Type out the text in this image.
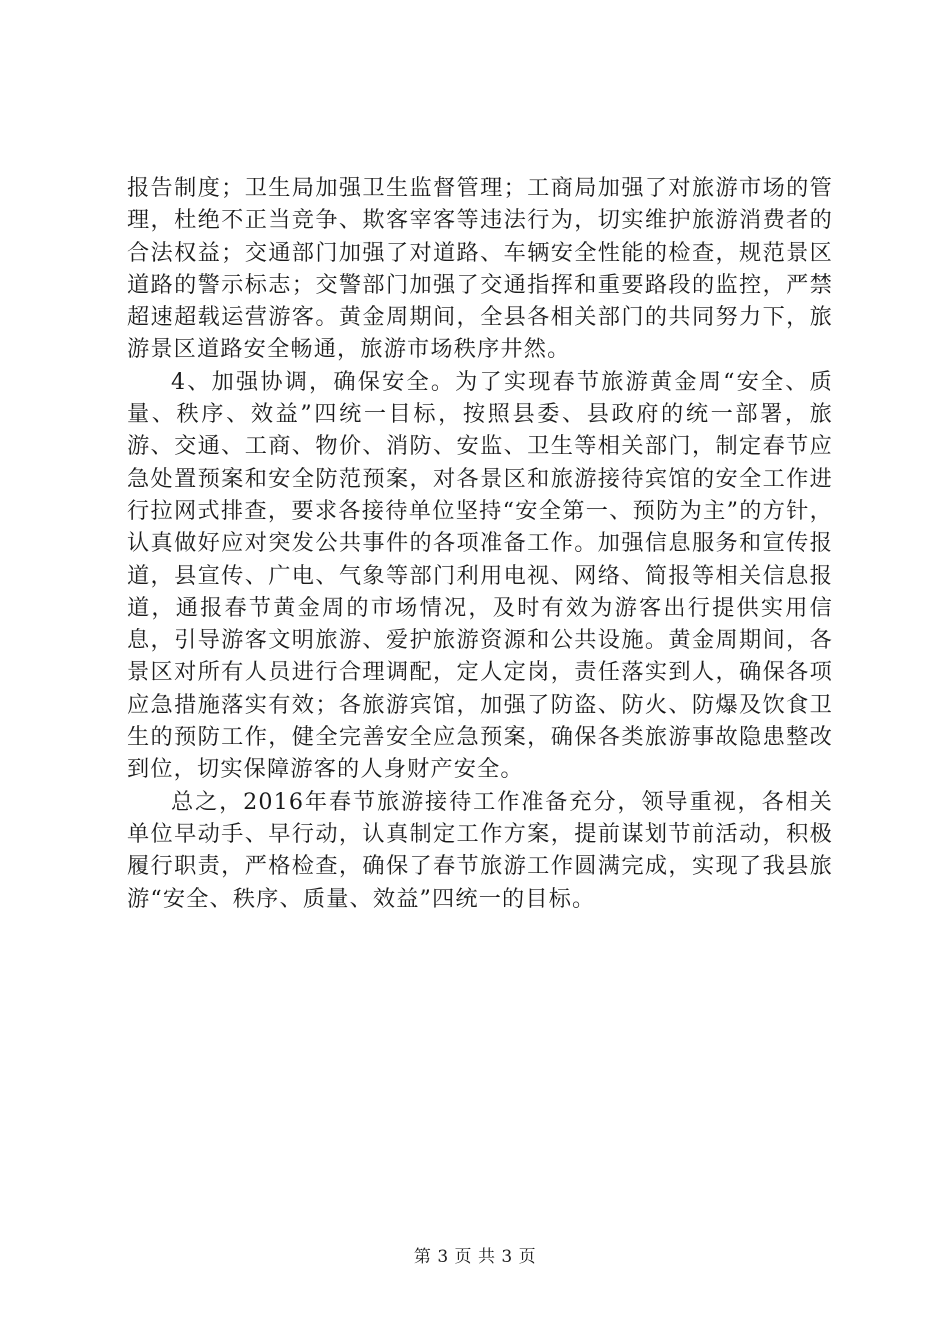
报告制度；卫生局加强卫生监督管理；工商局加强了对旅游市场的管理，杜绝不正当竞争、欺客宰客等违法行为，切实维护旅游消费者的合法权益；交通部门加强了对道路、车辆安全性能的检查，规范景区道路的警示标志；交警部门加强了交通指挥和重要路段的监控，严禁超速超载运营游客。黄金周期间，全县各相关部门的共同努力下，旅游景区道路安全畅通，旅游市场秩序井然。

4、加强协调，确保安全。为了实现春节旅游黄金周“安全、质量、秩序、效益”四统一目标，按照县委、县政府的统一部署，旅游、交通、工商、物价、消防、安监、卫生等相关部门，制定春节应急处置预案和安全防范预案，对各景区和旅游接待宾馆的安全工作进行拉网式排查，要求各接待单位坚持“安全第一、预防为主”的方针，认真做好应对突发公共事件的各项准备工作。加强信息服务和宣传报道，县宣传、广电、气象等部门利用电视、网络、简报等相关信息报道，通报春节黄金周的市场情况，及时有效为游客出行提供实用信息，引导游客文明旅游、爱护旅游资源和公共设施。黄金周期间，各景区对所有人员进行合理调配，定人定岗，责任落实到人，确保各项应急措施落实有效；各旅游宾馆，加强了防盗、防火、防爆及饮食卫生的预防工作，健全完善安全应急预案，确保各类旅游事故隐患整改到位，切实保障游客的人身财产安全。

总之，2016年春节旅游接待工作准备充分，领导重视，各相关单位早动手、早行动，认真制定工作方案，提前谋划节前活动，积极履行职责，严格检查，确保了春节旅游工作圆满完成，实现了我县旅游“安全、秩序、质量、效益”四统一的目标。

第 3 页 共 3 页
